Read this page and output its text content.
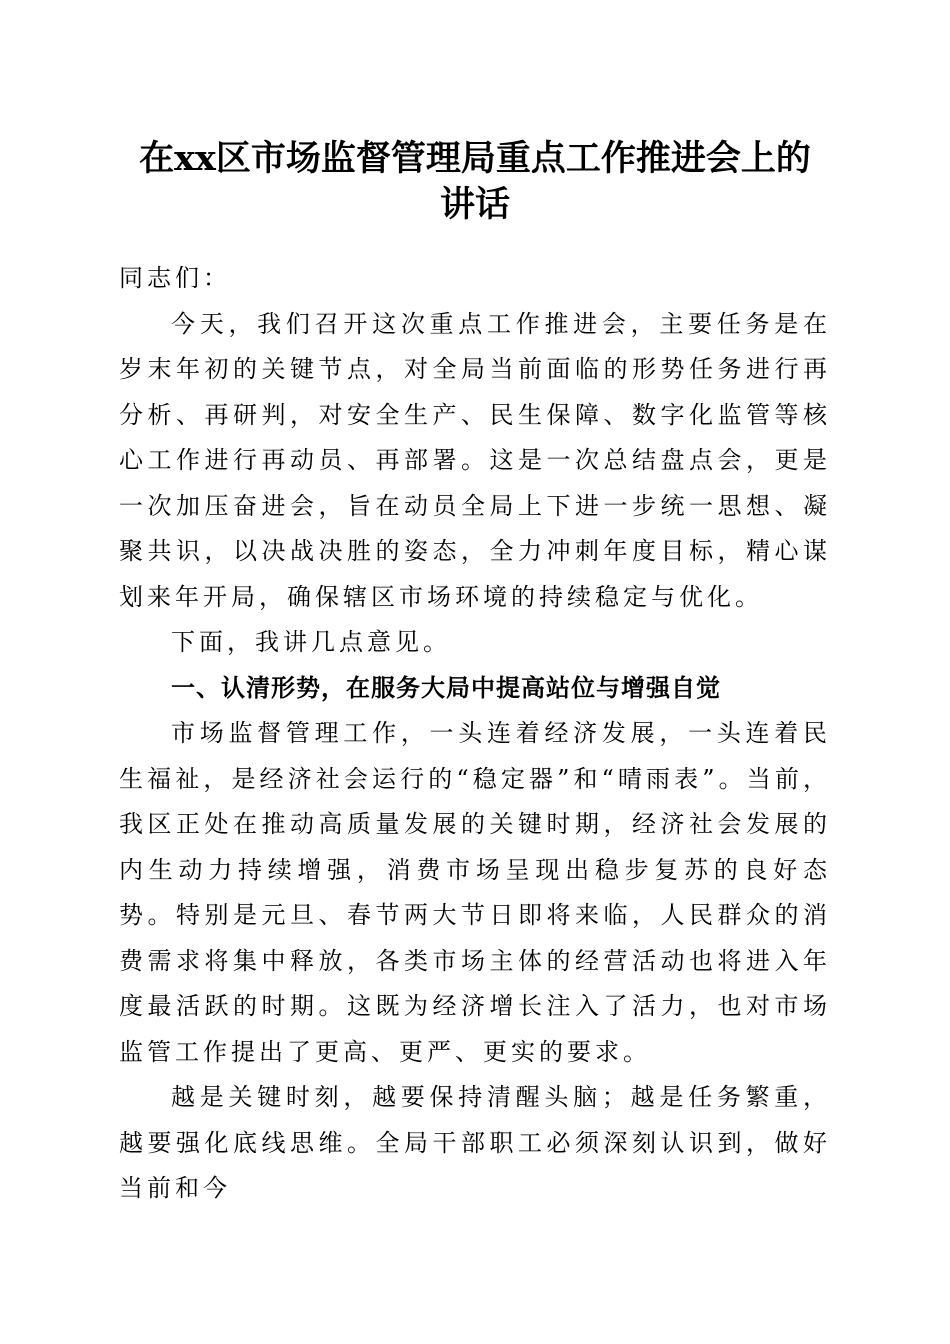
在xx区市场监督管理局重点工作推进会上的
讲话

同志们：

今天，我们召开这次重点工作推进会，主要任务是在岁末年初的关键节点，对全局当前面临的形势任务进行再分析、再研判，对安全生产、民生保障、数字化监管等核心工作进行再动员、再部署。这是一次总结盘点会，更是一次加压奋进会，旨在动员全局上下进一步统一思想、凝聚共识，以决战决胜的姿态，全力冲刺年度目标，精心谋划来年开局，确保辖区市场环境的持续稳定与优化。

下面，我讲几点意见。

一、认清形势，在服务大局中提高站位与增强自觉

市场监督管理工作，一头连着经济发展，一头连着民生福祉，是经济社会运行的“稳定器”和“晴雨表”。当前，我区正处在推动高质量发展的关键时期，经济社会发展的内生动力持续增强，消费市场呈现出稳步复苏的良好态势。特别是元旦、春节两大节日即将来临，人民群众的消费需求将集中释放，各类市场主体的经营活动也将进入年度最活跃的时期。这既为经济增长注入了活力，也对市场监管工作提出了更高、更严、更实的要求。

越是关键时刻，越要保持清醒头脑；越是任务繁重，越要强化底线思维。全局干部职工必须深刻认识到，做好当前和今
